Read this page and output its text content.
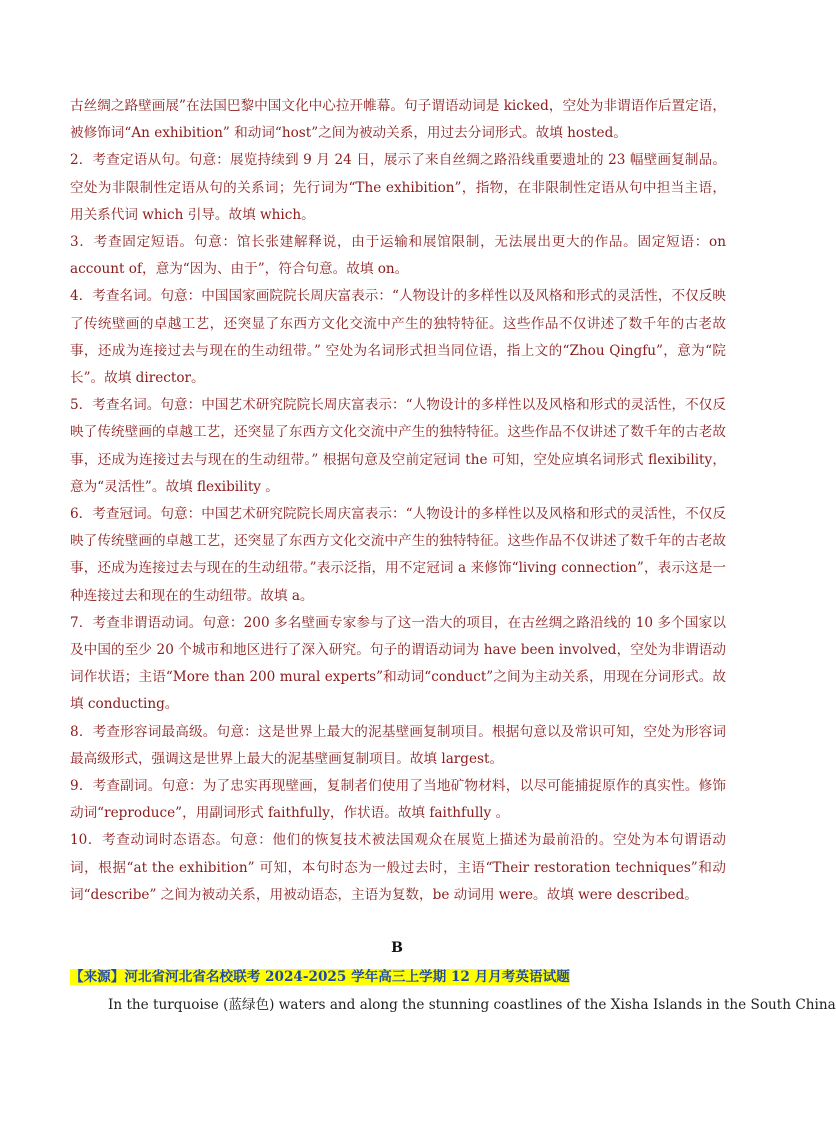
古丝绸之路壁画展”在法国巴黎中国文化中心拉开帷幕。句子谓语动词是 kicked，空处为非谓语作后置定语，被修饰词“An exhibition” 和动词“host”之间为被动关系，用过去分词形式。故填 hosted。

2．考查定语从句。句意：展览持续到 9 月 24 日，展示了来自丝绸之路沿线重要遗址的 23 幅壁画复制品。空处为非限制性定语从句的关系词；先行词为“The exhibition”，指物，在非限制性定语从句中担当主语，用关系代词 which 引导。故填 which。

3．考查固定短语。句意：馆长张建解释说，由于运输和展馆限制，无法展出更大的作品。固定短语：on account of，意为“因为、由于”，符合句意。故填 on。

4．考查名词。句意：中国国家画院院长周庆富表示：“人物设计的多样性以及风格和形式的灵活性，不仅反映了传统壁画的卓越工艺，还突显了东西方文化交流中产生的独特特征。这些作品不仅讲述了数千年的古老故事，还成为连接过去与现在的生动纽带。” 空处为名词形式担当同位语，指上文的“Zhou Qingfu”，意为“院长”。故填 director。

5．考查名词。句意：中国艺术研究院院长周庆富表示：“人物设计的多样性以及风格和形式的灵活性，不仅反映了传统壁画的卓越工艺，还突显了东西方文化交流中产生的独特特征。这些作品不仅讲述了数千年的古老故事，还成为连接过去与现在的生动纽带。” 根据句意及空前定冠词 the 可知，空处应填名词形式 flexibility，意为“灵活性”。故填 flexibility 。

6．考查冠词。句意：中国艺术研究院院长周庆富表示：“人物设计的多样性以及风格和形式的灵活性，不仅反映了传统壁画的卓越工艺，还突显了东西方文化交流中产生的独特特征。这些作品不仅讲述了数千年的古老故事，还成为连接过去与现在的生动纽带。”表示泛指，用不定冠词 a 来修饰“living connection”，表示这是一种连接过去和现在的生动纽带。故填 a。

7．考查非谓语动词。句意：200 多名壁画专家参与了这一浩大的项目，在古丝绸之路沿线的 10 多个国家以及中国的至少 20 个城市和地区进行了深入研究。句子的谓语动词为 have been involved，空处为非谓语动词作状语；主语“More than 200 mural experts”和动词“conduct”之间为主动关系，用现在分词形式。故填 conducting。

8．考查形容词最高级。句意：这是世界上最大的泥基壁画复制项目。根据句意以及常识可知，空处为形容词最高级形式，强调这是世界上最大的泥基壁画复制项目。故填 largest。

9．考查副词。句意：为了忠实再现壁画，复制者们使用了当地矿物材料，以尽可能捕捉原作的真实性。修饰动词“reproduce”，用副词形式 faithfully，作状语。故填 faithfully 。

10．考查动词时态语态。句意：他们的恢复技术被法国观众在展览上描述为最前沿的。空处为本句谓语动词，根据“at the exhibition” 可知，本句时态为一般过去时，主语“Their restoration techniques”和动词“describe” 之间为被动关系，用被动语态，主语为复数，be 动词用 were。故填 were described。

B
【来源】河北省河北省名校联考 2024-2025 学年高三上学期 12 月月考英语试题
In the turquoise (蓝绿色) waters and along the stunning coastlines of the Xisha Islands in the South China
